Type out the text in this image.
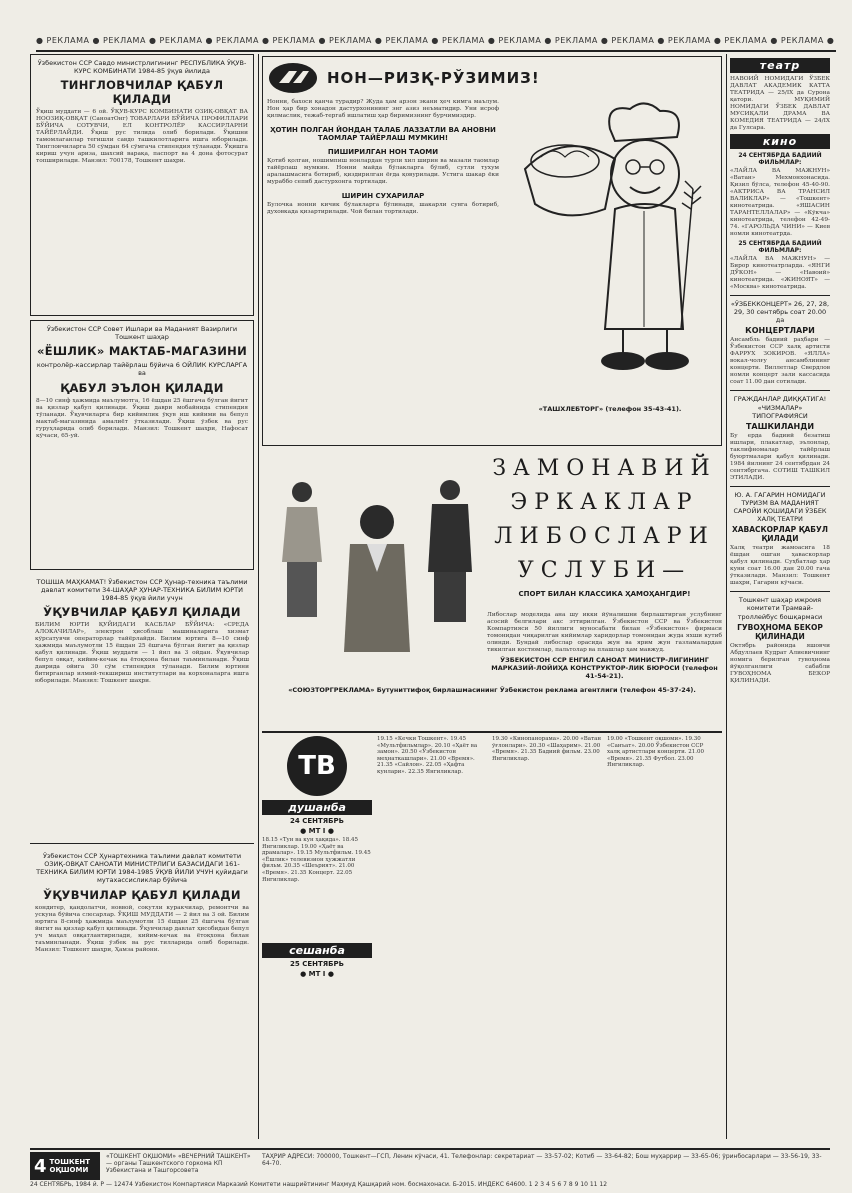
● РЕКЛАМА ● РЕКЛАМА ● РЕКЛАМА ● РЕКЛАМА ● РЕКЛАМА ● РЕКЛАМА ● РЕКЛАМА ● РЕКЛАМА ● РЕКЛАМА ● РЕКЛАМА ● РЕКЛАМА ● РЕКЛАМА ● РЕКЛАМА ● РЕКЛАМА ●
Ўзбекистон ССР Савдо министрлигининг РЕСПУБЛИКА ЎҚУВ-КУРС КОМБИНАТИ 1984-85 ўқув йилида
ТИНГЛОВЧИЛАР ҚАБУЛ ҚИЛАДИ
Ўқиш муддати — 6 ой. ЎҚУВ-КУРС КОМБИНАТИ ОЗИҚ-ОВҚАТ ВА НООЗИҚ-ОВҚАТ (СаноатОнг) ТОВАРЛАРИ БЎЙИЧА ПРОФИЛЛАРИ БЎЙИЧА СОТУВЧИ, ЕЛ КОНТРОЛЁР КАССИРЛАРНИ ТАЙЁРЛАЙДИ. Ўқиш рус тилида олиб борилади. Ўқишни тамомлаганлар тегишли савдо ташкилотларига ишга юборилади. Тингловчиларга 50 сўмдан 64 сўмгача стипендия тўланади. Ўқишга кириш учун ариза, шахсий варақа, паспорт ва 4 дона фотосурат топширилади. Манзил: 700178, Тошкент шаҳри.
Ўзбекистон ССР Совет Ишлари ва Маданият Вазирлиги Тошкент шаҳар
«ЁШЛИК» МАКТАБ-МАГАЗИНИ
контролёр-кассирлар тайёрлаш бўйича 6 ОЙЛИК КУРСЛАРГА ва
ҚАБУЛ ЭЪЛОН ҚИЛАДИ
8—10 синф ҳажмида маълумотга, 16 ёшдан 25 ёшгача бўлган йигит ва қизлар қабул қилинади. Ўқиш даври мобайнида стипендия тўланади. Ўқувчиларга бир кийимлик ўқув иш кийими ва бепул мактаб-магазинида амалиёт ўтказилади. Ўқиш ўзбек ва рус гуруҳларида олиб борилади. Манзил: Тошкент шаҳри, Нафосат кўчаси, 65-уй.
ТОШША МАҲКАМАТ! Ўзбекистон ССР Ҳунар-техника таълими давлат комитети 34-ШАҲАР ҲУНАР-ТЕХНИКА БИЛИМ ЮРТИ 1984-85 ўқув йили учун
ЎҚУВЧИЛАР ҚАБУЛ ҚИЛАДИ
БИЛИМ ЮРТИ ҚУЙИДАГИ КАСБЛАР БЎЙИЧА: «СРЕДА АЛОКАЧИЛАР», электрон ҳисоблаш машиналарига хизмат кўрсатувчи операторлар тайёрлайди. Билим юртига 8—10 синф ҳажмида маълумотли 15 ёшдан 25 ёшгача бўлган йигит ва қизлар қабул қилинади. Ўқиш муддати — 1 йил ва 3 ойдан. Ўқувчилар бепул овқат, кийим-кечак ва ётоқхона билан таъминланади. Ўқиш даврида ойига 30 сўм стипендия тўланади. Билим юртини битирганлар илмий-текшириш институтлари ва корхоналарга ишга юборилади. Манзил: Тошкент шаҳри.
Ўзбекистон ССР Ҳунартехника таълими давлат комитети ОЗИҚ-ОВҚАТ САНОАТИ МИНИСТРЛИГИ БАЗАСИДАГИ 161-ТЕХНИКА БИЛИМ ЮРТИ 1984-1985 ЎҚУВ ЙИЛИ УЧУН қуйидаги мутахассисликлар бўйича
ЎҚУВЧИЛАР ҚАБУЛ ҚИЛАДИ
кондитер, қандолатчи, новвой, сокутли куракчилар, ремонтчи ва ускуна бўйича слесарлар. ЎҚИШ МУДДАТИ — 2 йил ва 3 ой. Билим юртига 8-синф ҳажмида маълумотли 15 ёшдан 25 ёшгача бўлган йигит ва қизлар қабул қилинади. Ўқувчилар давлат ҳисобидан бепул уч маҳал овқатлантирилади, кийим-кечак ва ётоқхона билан таъминланади. Ўқиш ўзбек ва рус тилларида олиб борилади. Манзил: Тошкент шаҳри, Ҳамза райони.
НОН—РИЗҚ-РЎЗИМИЗ!
Нонни, бахоси қанча турадир? Жуда ҳам арзон экани ҳеч кимга маълум. Нон ҳар бир хонадон дастурхонининг энг азиз неъматидир. Уни исроф қилмаслик, тежаб-тергаб ишлатиш ҳар биримизнинг бурчимиздир.
ҲОТИН ПОЛГАН ЙОНДАН ТАЛАБ ЛАЗЗАТЛИ ВА АНОВНИ ТАОМЛАР ТАЙЁРЛАШ МУМКИН!
ПИШИРИЛГАН НОН ТАОМИ
Қотиб қолган, ношимпиш нонлардан турли хил ширин ва мазали таомлар тайёрлаш мумкин. Нонни майда бўлакларга бўлиб, сутли тухум аралашмасига ботириб, қиздирилган ёғда қовурилади. Устига шакар ёки мураббо сепиб дастурхонга тортилади.
ШИРИН СУХАРИЛАР
Булочка нонни кичик бўлакларга бўлинади, шакарли сувга ботириб, духовкада қизартирилади. Чой билан тортилади.
«ТАШХЛЕБТОРГ» (телефон 35-43-41).
ЗАМОНАВИЙ
ЭРКАКЛАР
ЛИБОСЛАРИ
УСЛУБИ—
СПОРТ БИЛАН КЛАССИКА ҲАМОҲАНГДИР!
Либослар моделида ана шу икки йўналишни бирлаштирган услубнинг асосий белгилари акс эттирилган. Ўзбекистон ССР ва Ўзбекистон Компартияси 50 йиллиги муносабати билан «Ўзбекистон» фирмаси томонидан чиқарилган кийимлар харидорлар томонидан жуда яхши кутиб олинди. Бундай либослар орасида жун ва ярим жун газламалардан тикилган костюмлар, пальтолар ва плашлар ҳам мавжуд.
ЎЗБЕКИСТОН ССР ЕНГИЛ САНОАТ МИНИСТР-ЛИГИНИНГ МАРКАЗИЙ-ЛОЙИҲА КОНСТРУКТОР-ЛИК БЮРОСИ (телефон 41-54-21).
«СОЮЗТОРГРЕКЛАМА» Бутуниттифоқ бирлашмасининг Ўзбекистон реклама агентлиги (телефон 45-37-24).
ТВ
душанба
24 СЕНТЯБРЬ
● МТ I ●
18.15 «Тун ва кун ҳақида». 18.45 Янгиликлар. 19.00 «Ҳаёт ва драмалар». 19.15 Мультфильм. 19.45 «Ёшлик» телевизион ҳужжатли фильм. 20.35 «Шеърият». 21.00 «Время». 21.35 Концерт. 22.05 Янгиликлар.
сешанба
25 СЕНТЯБРЬ
● МТ I ●
19.15 «Кечки Тошкент». 19.45 «Мультфильмлар». 20.10 «Ҳаёт ва замон». 20.50 «Ўзбекистон меҳнаткашлари». 21.00 «Время». 21.35 «Сайлов». 22.05 «Ҳафта кунлари». 22.35 Янгиликлар.
19.30 «Кинопанорама». 20.00 «Ватан ўғлонлари». 20.30 «Шаҳарим». 21.00 «Время». 21.35 Бадиий фильм. 23.00 Янгиликлар.
19.00 «Тошкент оқшоми». 19.30 «Санъат». 20.00 Ўзбекистон ССР халқ артистлари концерти. 21.00 «Время». 21.35 Футбол. 23.00 Янгиликлар.
театр
НАВОИЙ НОМИДАГИ ЎЗБЕК ДАВЛАТ АКАДЕМИК КАТТА ТЕАТРИДА — 25/IX да Сурона қатори. МУҚИМИЙ НОМИДАГИ ЎЗБЕК ДАВЛАТ МУСИҚАЛИ ДРАМА ВА КОМЕДИЯ ТЕАТРИДА — 24/IX да Гулсара.
кино
24 СЕНТЯБРДА БАДИИЙ ФИЛЬМЛАР:
«ЛАЙЛА ВА МАЖНУН» «Ватан» Мехмонхонасида. Қизил бўлса, телефон 45-40-90. «АКТРИСА ВА ТРАНСИЛ ВАЛИКЛАР» — «Тошкент» кинотеатрида. «ЯШАСИН ТАРАНТЕЛЛАЛАР» — «Кўкча» кинотеатрида, телефон 42-49-74. «ГАРОЛЬДА ЧИНИ» — Киев номли кинотеатрда.
25 СЕНТЯБРДА БАДИИЙ ФИЛЬМЛАР:
«ЛАЙЛА ВА МАЖНУН» — Бирор кинотеатрларда. «ЯНГИ ДЎКОН» — «Навоий» кинотеатрида. «ЖИНОЯТ» — «Москва» кинотеатрида.
«ЎЗБЕККОНЦЕРТ» 26, 27, 28, 29, 30 сентябрь соат 20.00 да
КОНЦЕРТЛАРИ
Ансамбль бадиий раҳбари — Ўзбекистон ССР халқ артисти ФАРРУХ ЗОКИРОВ. «ЯЛЛА» вокал-чолғу ансамблининг концерти. Виллетлар Свердлов номли концерт зали кассасида соат 11.00 дан сотилади.
ГРАЖДАНЛАР ДИҚҚАТИГА! «ЧИЗМАЛАР» ТИПОГРАФИЯСИ
ТАШКИЛАНДИ
Бу ерда бадиий безатиш ишлари, плакатлар, эълонлар, таклифномалар тайёрлаш буюртмалари қабул қилинади. 1984 йилнинг 24 сентябрдан 24 сентябргача. СОТИШ ТАШКИЛ ЭТИЛАДИ.
Ю. А. ГАГАРИН НОМИДАГИ ТУРИЗМ ВА МАДАНИЯТ САРОЙИ ҚОШИДАГИ ЎЗБЕК ХАЛҚ ТЕАТРИ
ХАВАСКОРЛАР ҚАБУЛ ҚИЛАДИ
Халқ театри жамоасига 18 ёшдан ошган ҳаваскорлар қабул қилинади. Суҳбатлар ҳар куни соат 16.00 дан 20.00 гача ўтказилади. Манзил: Тошкент шаҳри, Гагарин кўчаси.
Тошкент шаҳар ижроия комитети Трамвай-троллейбус бошқармаси
ГУВОҲНОМА БЕКОР ҚИЛИНАДИ
Октябрь районида яшовчи Абдуллаев Кудрат Алиевичнинг номига берилган гувоҳнома йўқолганлиги сабабли ГУВОҲНОМА БЕКОР ҚИЛИНАДИ.
4 ТОШКЕНТ ОҚШОМИ
«ТОШКЕНТ ОҚШОМИ» «ВЕЧЕРНИЙ ТАШКЕНТ» — органы Ташкентского горкома КП Узбекистана и Ташгорсовета
ТАҲРИР АДРЕСИ: 700000, Тошкент—ГСП, Ленин кўчаси, 41. Телефонлар: секретариат — 33-57-02; Котиб — 33-64-82; Бош муҳаррир — 33-65-06; ўринбосарлари — 33-56-19, 33-64-70.
24 СЕНТЯБРЬ, 1984 й. Р — 12474 Ўзбекистон Компартияси Марказий Комитети нашриётининг Маҳмуд Қашқарий ном. босмахонаси. Б-2015. ИНДЕКС 64600. 1 2 3 4 5 6 7 8 9 10 11 12
